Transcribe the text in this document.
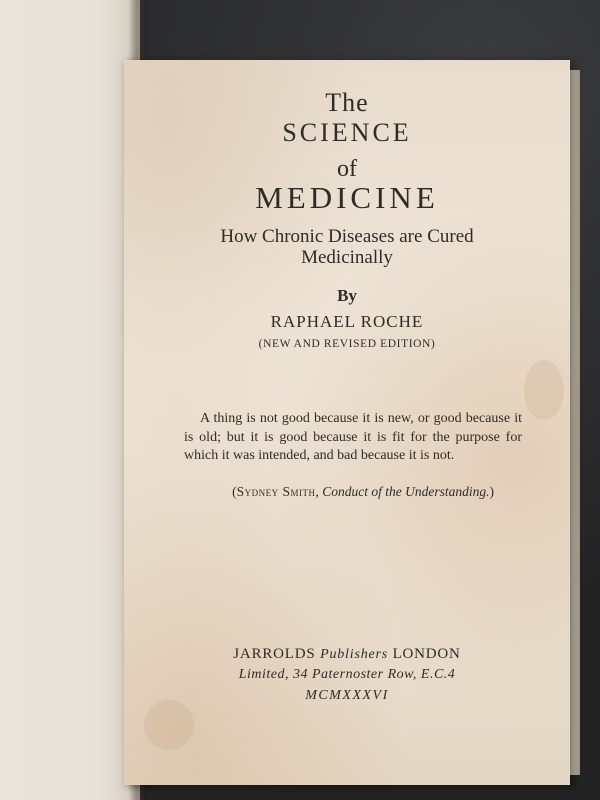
The
SCIENCE
of
MEDICINE
How Chronic Diseases are Cured
Medicinally
By
RAPHAEL ROCHE
(NEW AND REVISED EDITION)
A thing is not good because it is new, or good because it is old; but it is good because it is fit for the purpose for which it was intended, and bad because it is not.
(Sydney Smith, Conduct of the Understanding.)
JARROLDS Publishers LONDON
Limited, 34 Paternoster Row, E.C.4
MCMXXXVI
